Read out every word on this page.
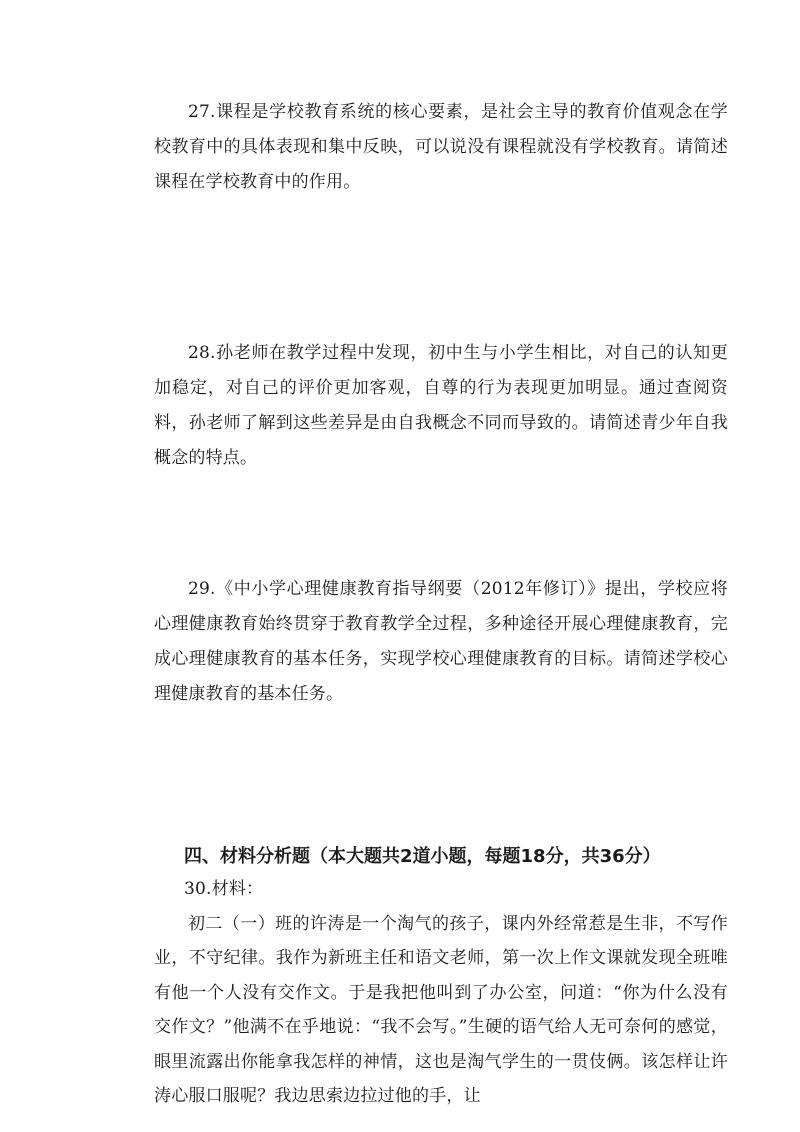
27.课程是学校教育系统的核心要素，是社会主导的教育价值观念在学校教育中的具体表现和集中反映，可以说没有课程就没有学校教育。请简述课程在学校教育中的作用。

28.孙老师在教学过程中发现，初中生与小学生相比，对自己的认知更加稳定，对自己的评价更加客观，自尊的行为表现更加明显。通过查阅资料，孙老师了解到这些差异是由自我概念不同而导致的。请简述青少年自我概念的特点。

29.《中小学心理健康教育指导纲要（2012年修订）》提出，学校应将心理健康教育始终贯穿于教育教学全过程，多种途径开展心理健康教育，完成心理健康教育的基本任务，实现学校心理健康教育的目标。请简述学校心理健康教育的基本任务。

四、材料分析题（本大题共2道小题，每题18分，共36分）

30.材料：

初二（一）班的许涛是一个淘气的孩子，课内外经常惹是生非，不写作业，不守纪律。我作为新班主任和语文老师，第一次上作文课就发现全班唯有他一个人没有交作文。于是我把他叫到了办公室，问道：“你为什么没有交作文？”他满不在乎地说：“我不会写。”生硬的语气给人无可奈何的感觉，眼里流露出你能拿我怎样的神情，这也是淘气学生的一贯伎俩。该怎样让许涛心服口服呢？我边思索边拉过他的手，让
